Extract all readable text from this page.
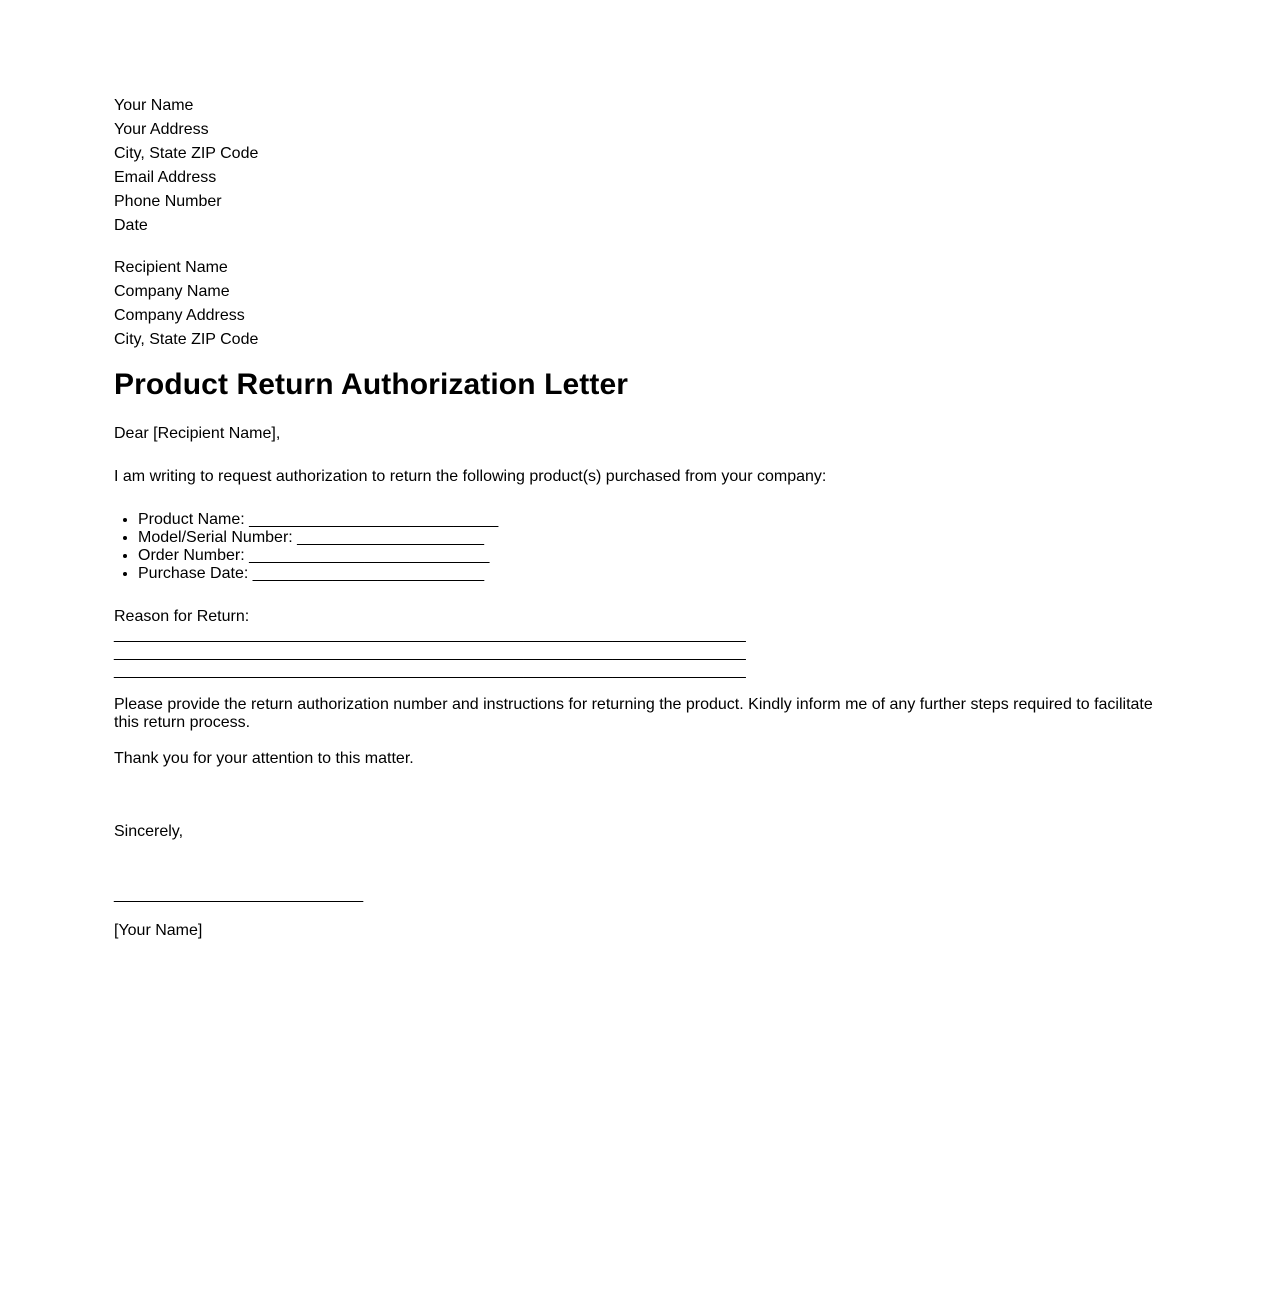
Your Name
Your Address
City, State ZIP Code
Email Address
Phone Number
Date
Recipient Name
Company Name
Company Address
City, State ZIP Code
Product Return Authorization Letter

Dear [Recipient Name],

I am writing to request authorization to return the following product(s) purchased from your company:

• Product Name: ____________________________
• Model/Serial Number: _____________________
• Order Number: ___________________________
• Purchase Date: __________________________

Reason for Return:

_______________________________________________________________________
_______________________________________________________________________
_______________________________________________________________________

Please provide the return authorization number and instructions for returning the product. Kindly inform me of any further steps required to facilitate this return process.

Thank you for your attention to this matter.

Sincerely,

____________________________

[Your Name]
